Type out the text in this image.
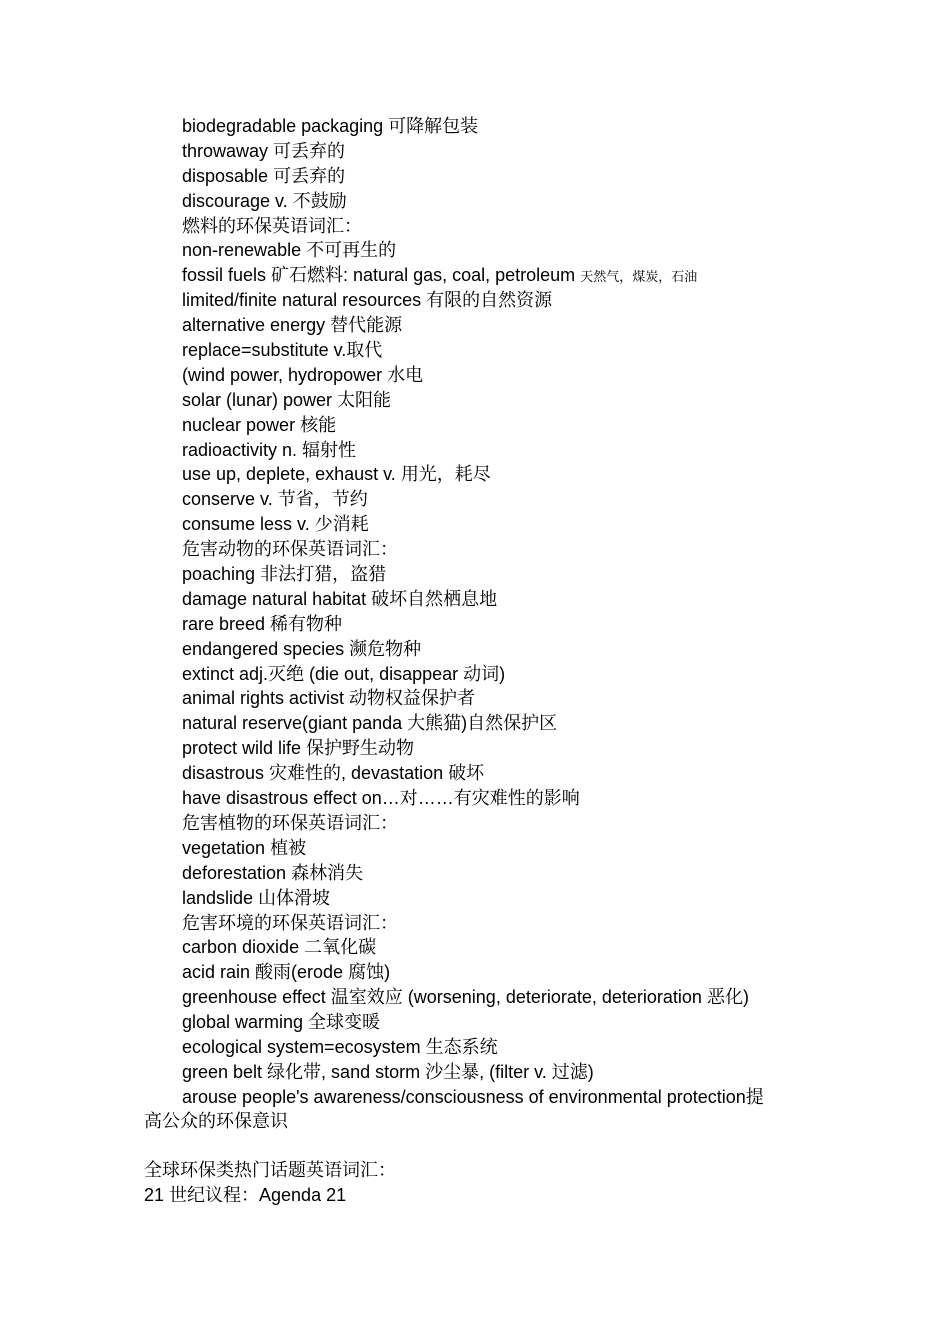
biodegradable packaging 可降解包装
throwaway 可丢弃的
disposable 可丢弃的
discourage v. 不鼓励
燃料的环保英语词汇：
non-renewable 不可再生的
fossil fuels 矿石燃料: natural gas, coal, petroleum 天然气，煤炭，石油
limited/finite natural resources 有限的自然资源
alternative energy 替代能源
replace=substitute v.取代
(wind power, hydropower 水电
solar (lunar) power 太阳能
nuclear power 核能
radioactivity n. 辐射性
use up, deplete, exhaust v. 用光，耗尽
conserve v. 节省，节约
consume less v. 少消耗
危害动物的环保英语词汇：
poaching 非法打猎，盗猎
damage natural habitat 破坏自然栖息地
rare breed 稀有物种
endangered species 濒危物种
extinct adj.灭绝 (die out, disappear 动词)
animal rights activist 动物权益保护者
natural reserve(giant panda 大熊猫)自然保护区
protect wild life 保护野生动物
disastrous 灾难性的, devastation 破坏
have disastrous effect on…对……有灾难性的影响
危害植物的环保英语词汇：
vegetation 植被
deforestation 森林消失
landslide 山体滑坡
危害环境的环保英语词汇：
carbon dioxide 二氧化碳
acid rain 酸雨(erode 腐蚀)
greenhouse effect 温室效应 (worsening, deteriorate, deterioration 恶化)
global warming 全球变暖
ecological system=ecosystem 生态系统
green belt 绿化带, sand storm 沙尘暴, (filter v. 过滤)
arouse people's awareness/consciousness of environmental protection提
高公众的环保意识
全球环保类热门话题英语词汇：
21 世纪议程：Agenda 21
